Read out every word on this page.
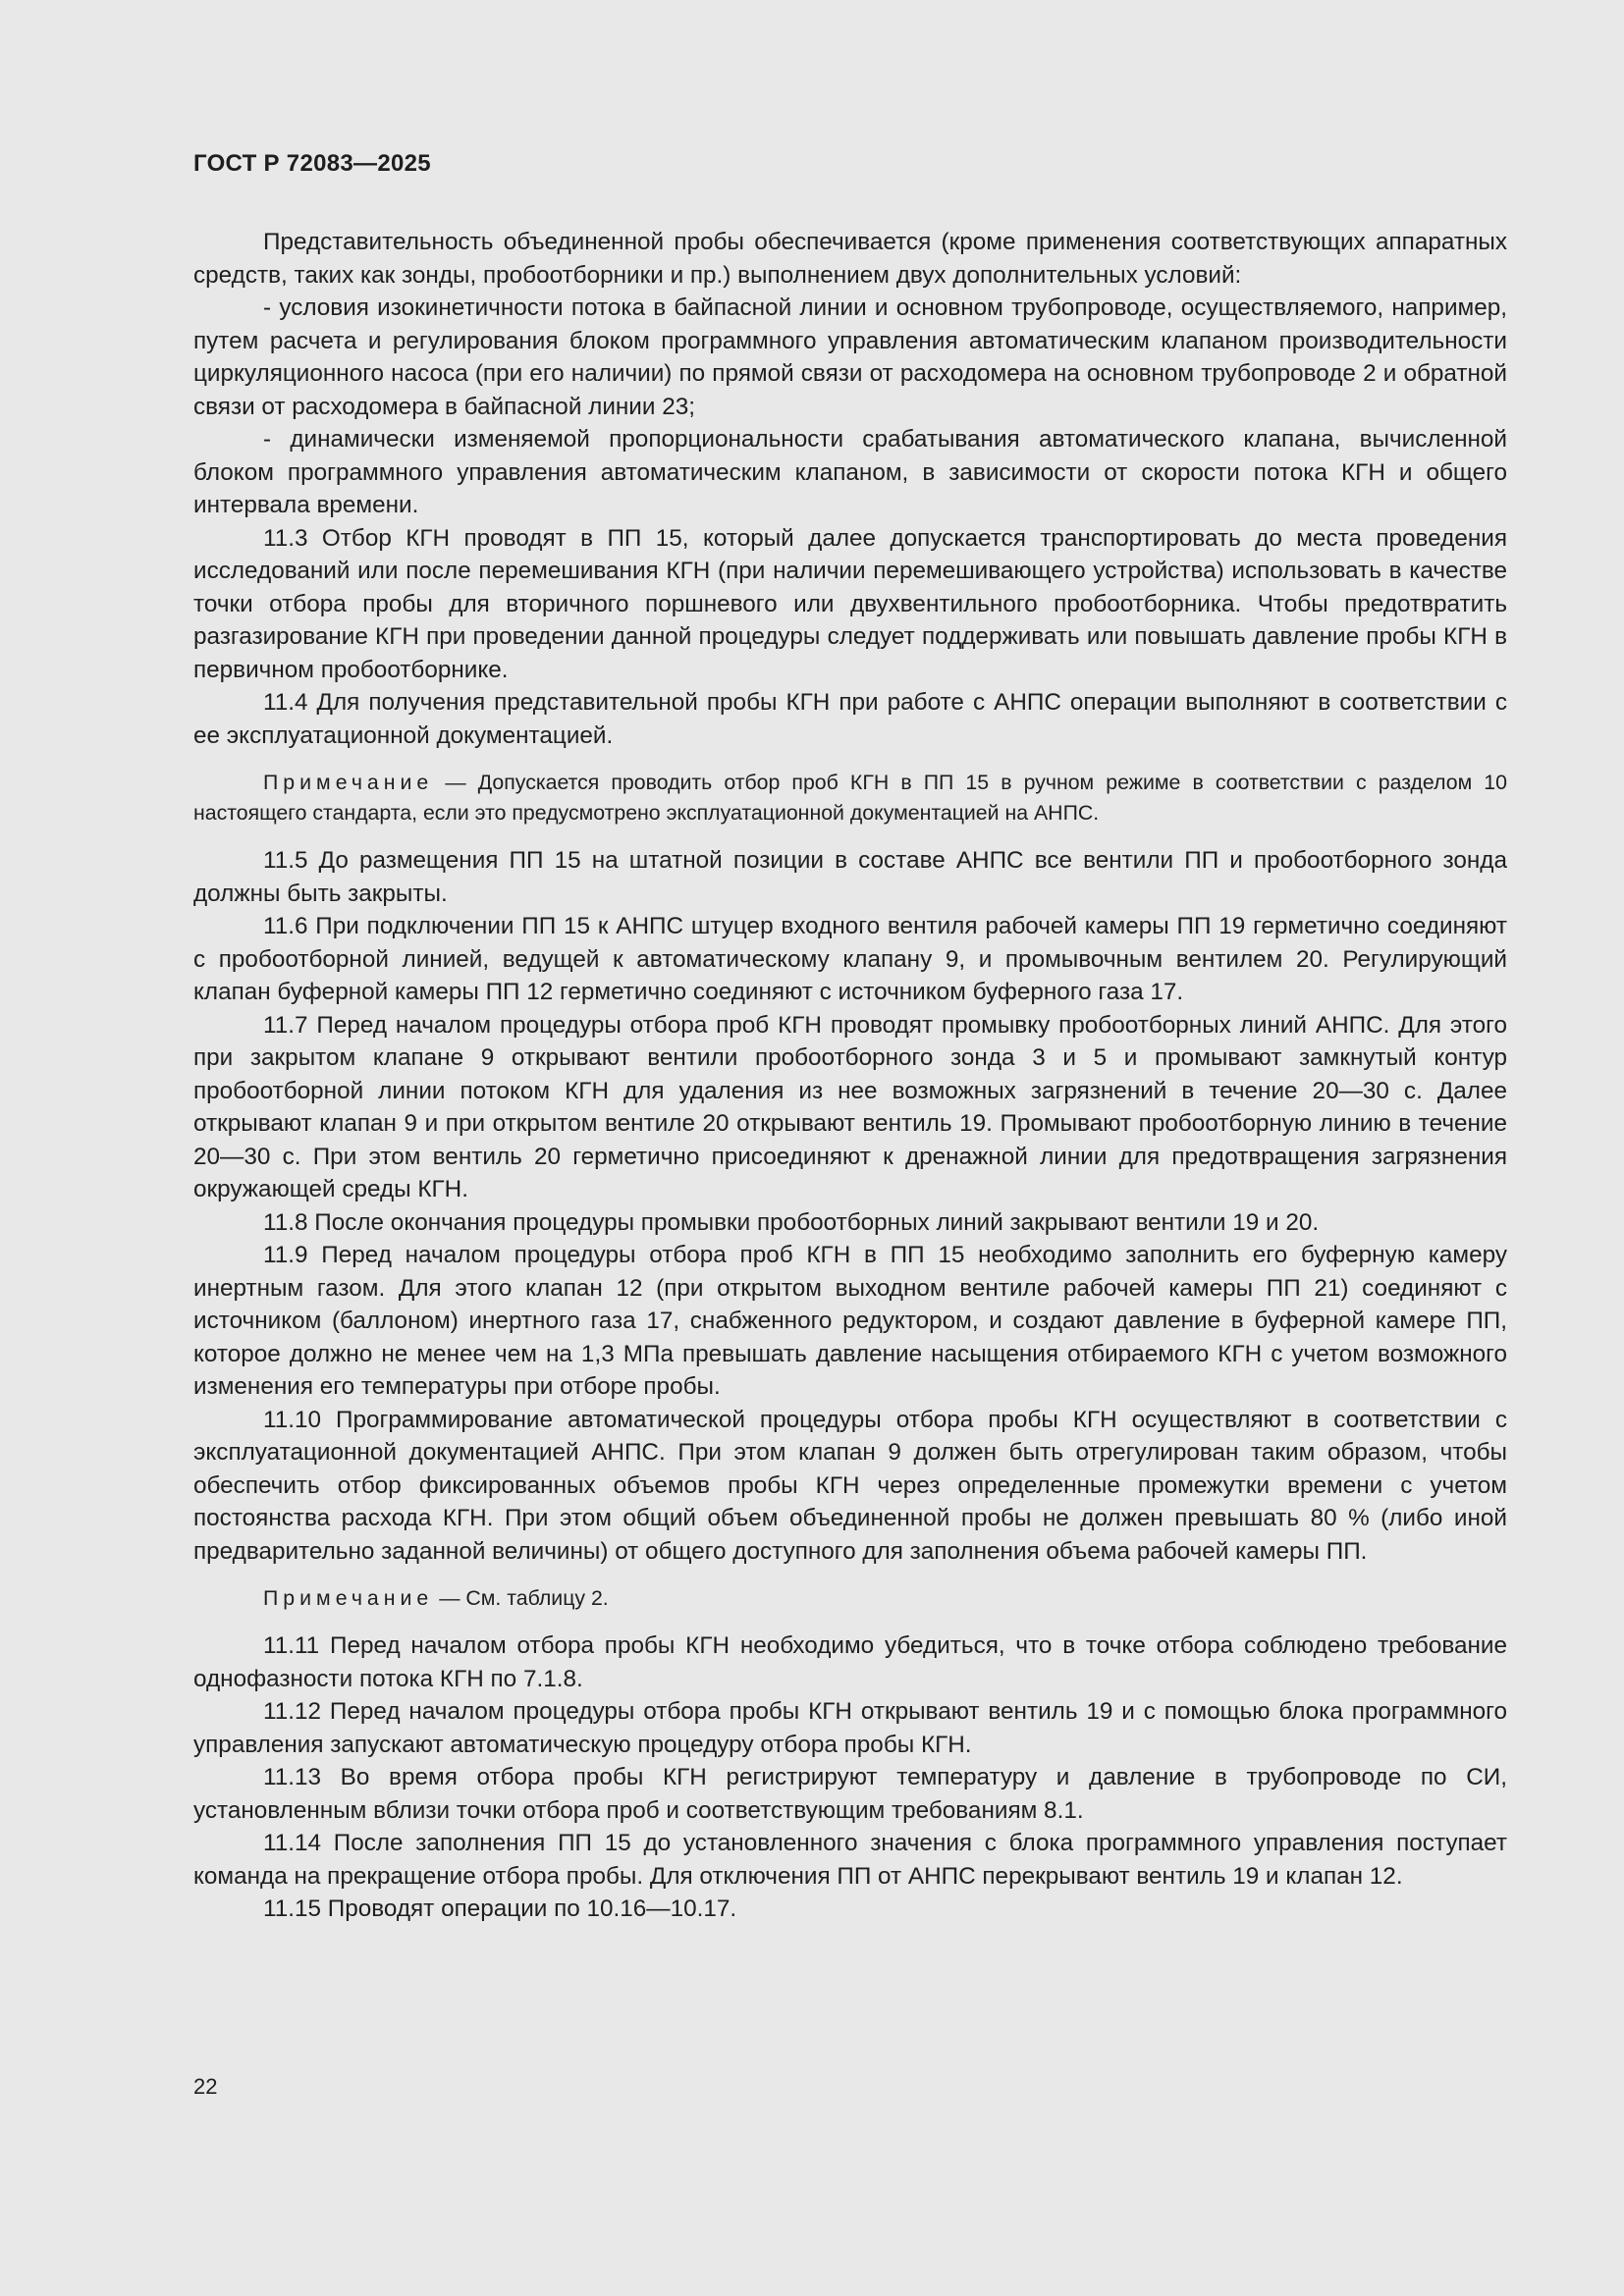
ГОСТ Р 72083—2025

Представительность объединенной пробы обеспечивается (кроме применения соответствующих аппаратных средств, таких как зонды, пробоотборники и пр.) выполнением двух дополнительных условий:

- условия изокинетичности потока в байпасной линии и основном трубопроводе, осуществляемого, например, путем расчета и регулирования блоком программного управления автоматическим клапаном производительности циркуляционного насоса (при его наличии) по прямой связи от расходомера на основном трубопроводе 2 и обратной связи от расходомера в байпасной линии 23;

- динамически изменяемой пропорциональности срабатывания автоматического клапана, вычисленной блоком программного управления автоматическим клапаном, в зависимости от скорости потока КГН и общего интервала времени.

11.3 Отбор КГН проводят в ПП 15, который далее допускается транспортировать до места проведения исследований или после перемешивания КГН (при наличии перемешивающего устройства) использовать в качестве точки отбора пробы для вторичного поршневого или двухвентильного пробоотборника. Чтобы предотвратить разгазирование КГН при проведении данной процедуры следует поддерживать или повышать давление пробы КГН в первичном пробоотборнике.

11.4 Для получения представительной пробы КГН при работе с АНПС операции выполняют в соответствии с ее эксплуатационной документацией.

Примечание — Допускается проводить отбор проб КГН в ПП 15 в ручном режиме в соответствии с разделом 10 настоящего стандарта, если это предусмотрено эксплуатационной документацией на АНПС.

11.5 До размещения ПП 15 на штатной позиции в составе АНПС все вентили ПП и пробоотборного зонда должны быть закрыты.

11.6 При подключении ПП 15 к АНПС штуцер входного вентиля рабочей камеры ПП 19 герметично соединяют с пробоотборной линией, ведущей к автоматическому клапану 9, и промывочным вентилем 20. Регулирующий клапан буферной камеры ПП 12 герметично соединяют с источником буферного газа 17.

11.7 Перед началом процедуры отбора проб КГН проводят промывку пробоотборных линий АНПС. Для этого при закрытом клапане 9 открывают вентили пробоотборного зонда 3 и 5 и промывают замкнутый контур пробоотборной линии потоком КГН для удаления из нее возможных загрязнений в течение 20—30 с. Далее открывают клапан 9 и при открытом вентиле 20 открывают вентиль 19. Промывают пробоотборную линию в течение 20—30 с. При этом вентиль 20 герметично присоединяют к дренажной линии для предотвращения загрязнения окружающей среды КГН.

11.8 После окончания процедуры промывки пробоотборных линий закрывают вентили 19 и 20.

11.9 Перед началом процедуры отбора проб КГН в ПП 15 необходимо заполнить его буферную камеру инертным газом. Для этого клапан 12 (при открытом выходном вентиле рабочей камеры ПП 21) соединяют с источником (баллоном) инертного газа 17, снабженного редуктором, и создают давление в буферной камере ПП, которое должно не менее чем на 1,3 МПа превышать давление насыщения отбираемого КГН с учетом возможного изменения его температуры при отборе пробы.

11.10 Программирование автоматической процедуры отбора пробы КГН осуществляют в соответствии с эксплуатационной документацией АНПС. При этом клапан 9 должен быть отрегулирован таким образом, чтобы обеспечить отбор фиксированных объемов пробы КГН через определенные промежутки времени с учетом постоянства расхода КГН. При этом общий объем объединенной пробы не должен превышать 80 % (либо иной предварительно заданной величины) от общего доступного для заполнения объема рабочей камеры ПП.

Примечание — См. таблицу 2.

11.11 Перед началом отбора пробы КГН необходимо убедиться, что в точке отбора соблюдено требование однофазности потока КГН по 7.1.8.

11.12 Перед началом процедуры отбора пробы КГН открывают вентиль 19 и с помощью блока программного управления запускают автоматическую процедуру отбора пробы КГН.

11.13 Во время отбора пробы КГН регистрируют температуру и давление в трубопроводе по СИ, установленным вблизи точки отбора проб и соответствующим требованиям 8.1.

11.14 После заполнения ПП 15 до установленного значения с блока программного управления поступает команда на прекращение отбора пробы. Для отключения ПП от АНПС перекрывают вентиль 19 и клапан 12.

11.15 Проводят операции по 10.16—10.17.

22
